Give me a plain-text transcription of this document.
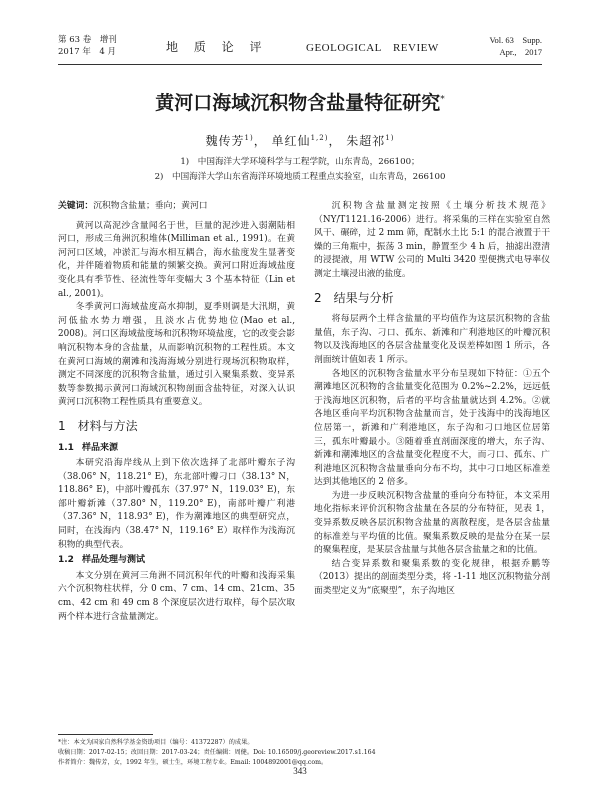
第 63 卷　增刊
2017 年　4 月	地 质 论 评	GEOLOGICAL　REVIEW
Vol. 63　Supp.
Apr.,　2017
黄河口海域沉积物含盐量特征研究*
魏传芳$^{1)}$， 单红仙$^{1,2)}$， 朱超祁$^{1)}$
1)　中国海洋大学环境科学与工程学院，山东青岛，266100；
2)　中国海洋大学山东省海洋环境地质工程重点实验室，山东青岛，266100

关键词：沉积物含盐量；垂向；黄河口

黄河以高泥沙含量闻名于世，巨量的泥沙进入弱潮陆相河口，形成三角洲沉积堆体(Milliman et al., 1991)。在黄河河口区域，冲淤汇与海水相互耦合，海水盐度发生显著变化，并伴随着物质和能量的频繁交换。黄河口附近海域盐度变化具有季节性、径流性等年变幅大 3 个基本特征（Lin et al., 2001)。

冬季黄河口海域盐度高水抑制，夏季则调是大汛期，黄河低盐水势力增强，且淡水占优势地位(Mao et al., 2008)。河口区海域盐度场和沉积物环境盐度，它的改变会影响沉积物本身的含盐量，从而影响沉积物的工程性质。本文在黄河口海域的潮滩和浅海海域分别进行现场沉积物取样，测定不同深度的沉积物含盐量，通过引入聚集系数、变异系数等参数揭示黄河口海域沉积物剖面含盐特征，对深入认识黄河口沉积物工程性质具有重要意义。

1 材料与方法
1.1 样品来源

本研究沿海岸线从上到下依次选择了北部叶瓣东子沟（38.06° N，118.21° E)，东北部叶瓣刁口（38.13° N，118.86° E)，中部叶瓣孤东（37.97° N，119.03° E)，东部叶瓣新滩（37.80° N，119.20° E)，南部叶瓣广利港（37.36° N，118.93° E)，作为潮滩地区的典型研究点，同时，在浅海内（38.47° N，119.16° E）取样作为浅海沉积物的典型代表。

1.2 样品处理与测试

本文分别在黄河三角洲不同沉积年代的叶瓣和浅海采集六个沉积物柱状样，分 0 cm、7 cm、14 cm、21cm、35 cm、42 cm 和 49 cm 8 个深度层次进行取样，每个层次取两个样本进行含盐量测定。

沉积物含盐量测定按照《土壤分析技术规范》（NY/T1121.16-2006）进行。将采集的三样在实验室自然风干、碾碎，过 2 mm 筛，配制水土比 5:1 的混合液置于干燥的三角瓶中，振荡 3 min，静置至少 4 h 后，抽滤出澄清的浸提液，用 WTW 公司的 Multi 3420 型便携式电导率仪测定土壤浸出液的盐度。

2 结果与分析

将每层两个土样含盐量的平均值作为这层沉积物的含盐量值，东子沟、刁口、孤东、新滩和广利港地区的叶瓣沉积物以及浅海地区的各层含盐量变化及误差棒如图 1 所示，各剖面统计值如表 1 所示。

各地区的沉积物含盐量水平分布呈现如下特征：①五个潮滩地区沉积物的含盐量变化范围为 0.2%~2.2%，远远低于浅海地区沉积物，后者的平均含盐量就达到 4.2%。②就各地区垂向平均沉积物含盐量而言，处于浅海中的浅海地区位居第一，新滩和广利港地区，东子沟和刁口地区位居第三，孤东叶瓣最小。③随着垂直剖面深度的增大，东子沟、新滩和潮滩地区的含盐量变化程度不大，而刁口、孤东、广利港地区沉积物含盐量垂向分布不均，其中刁口地区标准差达到其他地区的 2 倍多。

为进一步反映沉积物含盐量的垂向分布特征，本文采用地化指标来评价沉积物含盐量在各层的分布特征，见表 1，变异系数反映各层沉积物含盐量的离散程度，是各层含盐量的标准差与平均值的比值。聚集系数反映的是盐分在某一层的聚集程度，是某层含盐量与其他各层含盐量之和的比值。

结合变异系数和聚集系数的变化规律，根据乔鹏等（2013）提出的剖面类型分类，将 -1-11 地区沉积物盐分剖面类型定义为“底聚型”，东子沟地区

*注：本文为国家自然科学基金资助项目（编号：41372287）的成果。
收稿日期：2017-02-15；改回日期：2017-03-24；责任编辑：周健。Doi: 10.16509/j.georeview.2017.s1.164
作者简介：魏传芳，女，1992 年生，硕士生，环境工程专业。Email: 1004892001@qq.com。
343
